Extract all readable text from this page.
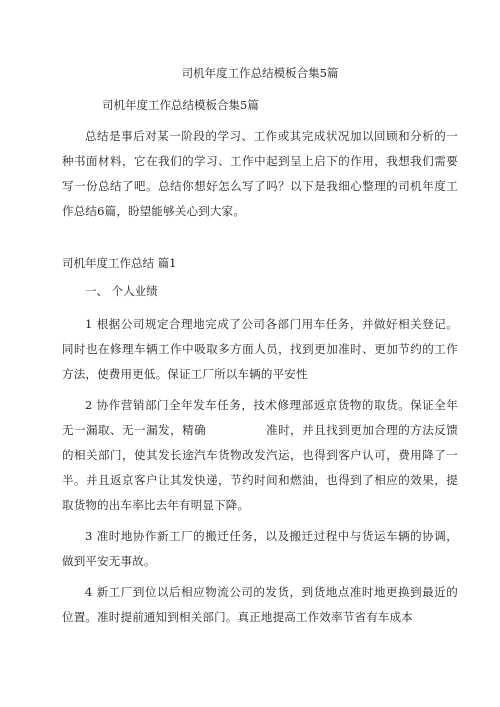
司机年度工作总结模板合集5篇
司机年度工作总结模板合集5篇

总结是事后对某一阶段的学习、工作或其完成状况加以回顾和分析的一种书面材料，它在我们的学习、工作中起到呈上启下的作用，我想我们需要写一份总结了吧。总结你想好怎么写了吗？以下是我细心整理的司机年度工作总结6篇，盼望能够关心到大家。

司机年度工作总结 篇1
一、 个人业绩

1 根据公司规定合理地完成了公司各部门用车任务，并做好相关登记。同时也在修理车辆工作中吸取多方面人员，找到更加准时、更加节约的工作方法，使费用更低。保证工厂所以车辆的平安性

2 协作营销部门全年发车任务，技术修理部返京货物的取货。保证全年无一漏取、无一漏发，精确　　　　　准时，并且找到更加合理的方法反馈的相关部门，使其发长途汽车货物改发汽运，也得到客户认可，费用降了一半。并且返京客户让其发快递，节约时间和燃油，也得到了相应的效果，提取货物的出车率比去年有明显下降。

3 准时地协作新工厂的搬迁任务，以及搬迁过程中与货运车辆的协调，做到平安无事故。

4 新工厂到位以后相应物流公司的发货，到货地点准时地更换到最近的位置。准时提前通知到相关部门。真正地提高工作效率节省有车成本
